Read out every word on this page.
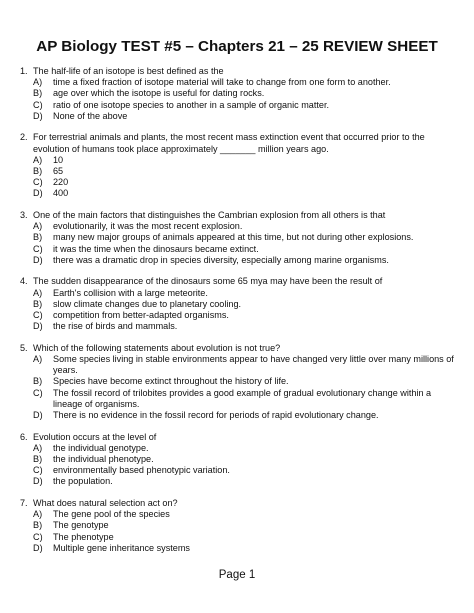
AP Biology TEST #5 – Chapters 21 – 25 REVIEW SHEET
1. The half-life of an isotope is best defined as the
A)	time a fixed fraction of isotope material will take to change from one form to another.
B)	age over which the isotope is useful for dating rocks.
C)	ratio of one isotope species to another in a sample of organic matter.
D)	None of the above
2. For terrestrial animals and plants, the most recent mass extinction event that occurred prior to the evolution of humans took place approximately _______ million years ago.
A)	10
B)	65
C)	220
D)	400
3. One of the main factors that distinguishes the Cambrian explosion from all others is that
A)	evolutionarily, it was the most recent explosion.
B)	many new major groups of animals appeared at this time, but not during other explosions.
C)	it was the time when the dinosaurs became extinct.
D)	there was a dramatic drop in species diversity, especially among marine organisms.
4. The sudden disappearance of the dinosaurs some 65 mya may have been the result of
A)	Earth's collision with a large meteorite.
B)	slow climate changes due to planetary cooling.
C)	competition from better-adapted organisms.
D)	the rise of birds and mammals.
5. Which of the following statements about evolution is not true?
A)	Some species living in stable environments appear to have changed very little over many millions of years.
B)	Species have become extinct throughout the history of life.
C)	The fossil record of trilobites provides a good example of gradual evolutionary change within a lineage of organisms.
D)	There is no evidence in the fossil record for periods of rapid evolutionary change.
6. Evolution occurs at the level of
A)	the individual genotype.
B)	the individual phenotype.
C)	environmentally based phenotypic variation.
D)	the population.
7. What does natural selection act on?
A)	The gene pool of the species
B)	The genotype
C)	The phenotype
D)	Multiple gene inheritance systems
Page 1
